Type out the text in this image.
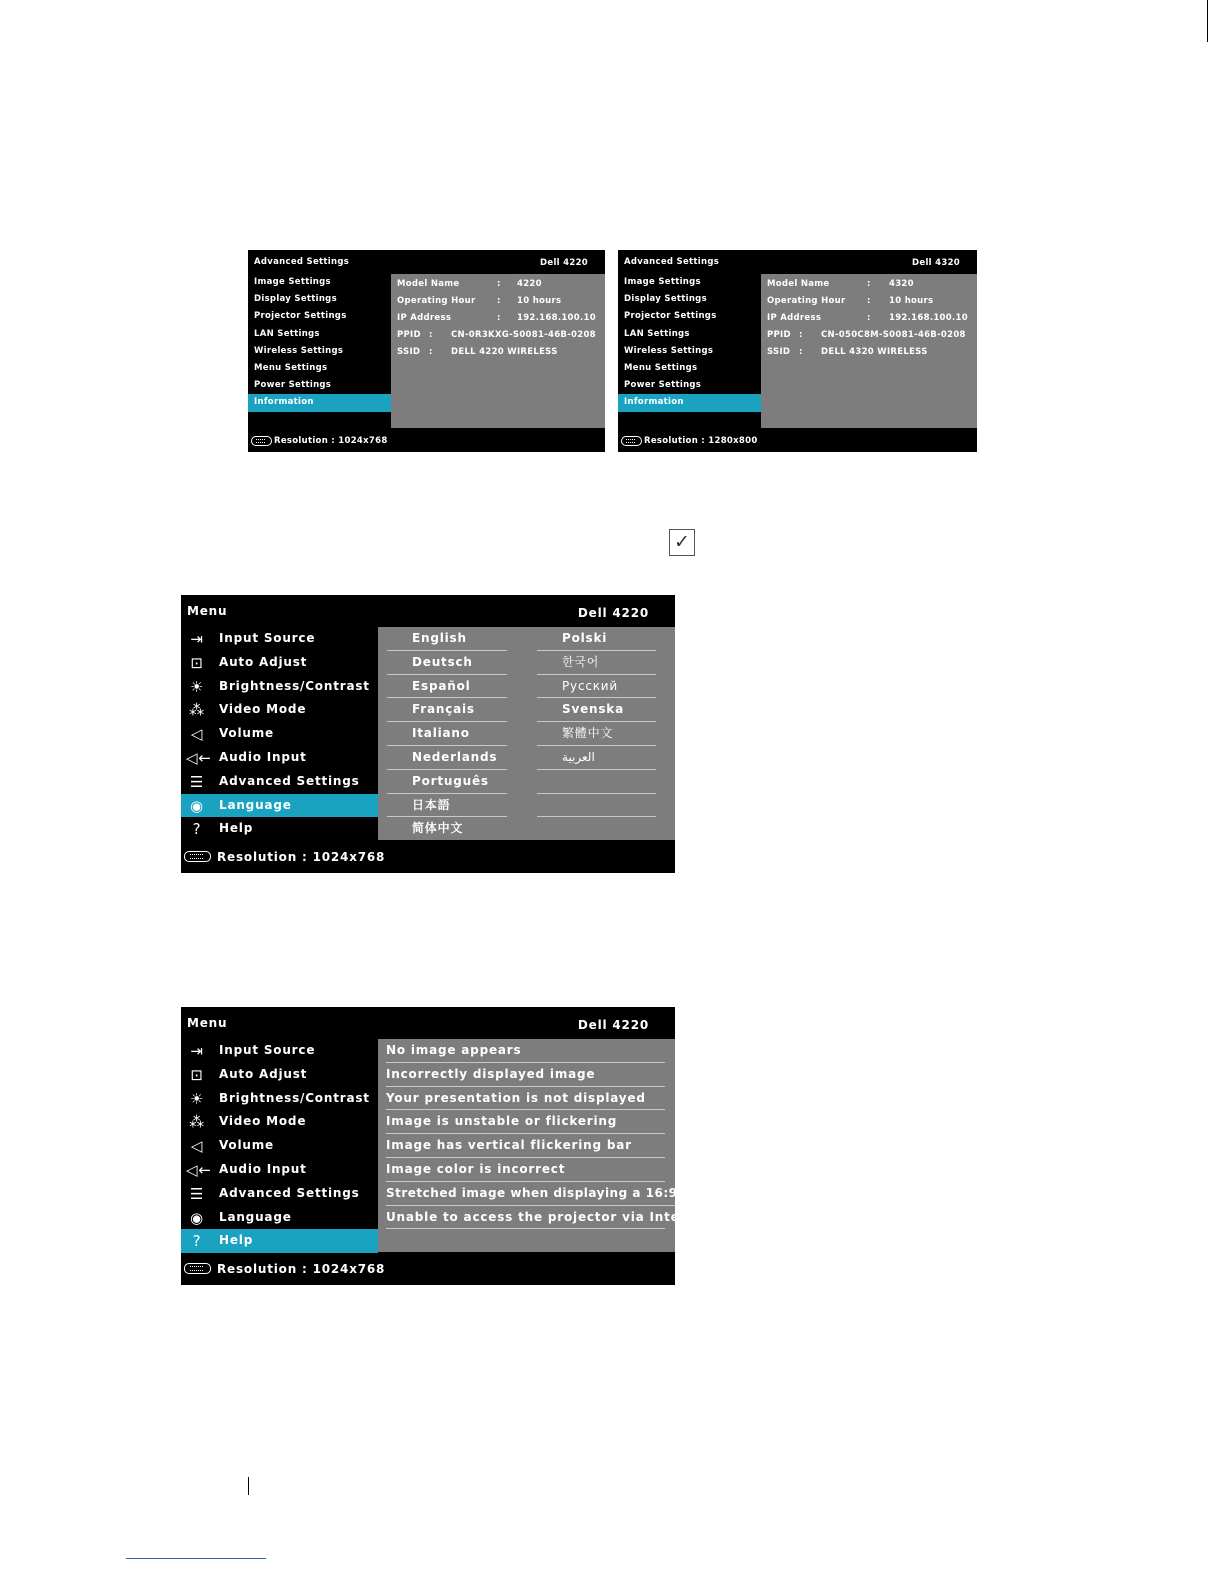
Advanced Settings	Dell 4220
Image Settings
Display Settings
Projector Settings
LAN Settings
Wireless Settings
Menu Settings
Power Settings
Information
Model Name	: 4220
Operating Hour	: 10 hours
IP Address	: 192.168.100.10
PPID : CN-0R3KXG-S0081-46B-0208
SSID : DELL 4220 WIRELESS
Resolution : 1024x768
Advanced Settings	Dell 4320
Image Settings
Display Settings
Projector Settings
LAN Settings
Wireless Settings
Menu Settings
Power Settings
Information
Model Name	: 4320
Operating Hour	: 10 hours
IP Address	: 192.168.100.10
PPID : CN-050C8M-S0081-46B-0208
SSID : DELL 4320 WIRELESS
Resolution : 1280x800
✓
Menu	Dell 4220
⇥	Input Source
⊡	Auto Adjust
☀	Brightness/Contrast
⁂ Video Mode
◁	Volume
◁← Audio Input
☰	Advanced Settings
◉	Language
?	Help
English
Deutsch
Español
Français
Italiano
Nederlands
Português
日本語
简体中文
Polski
한국어
Русский
Svenska
繁體中文
العربية
Resolution : 1024x768
Menu	Dell 4220
⇥	Input Source
⊡	Auto Adjust
☀	Brightness/Contrast
⁂ Video Mode
◁	Volume
◁← Audio Input
☰	Advanced Settings
◉	Language
?	Help
No image appears
Incorrectly displayed image
Your presentation is not displayed
Image is unstable or flickering
Image has vertical flickering bar
Image color is incorrect
Stretched image when displaying a 16:9 DVD
Unable to access the projector via Internet
Resolution : 1024x768
